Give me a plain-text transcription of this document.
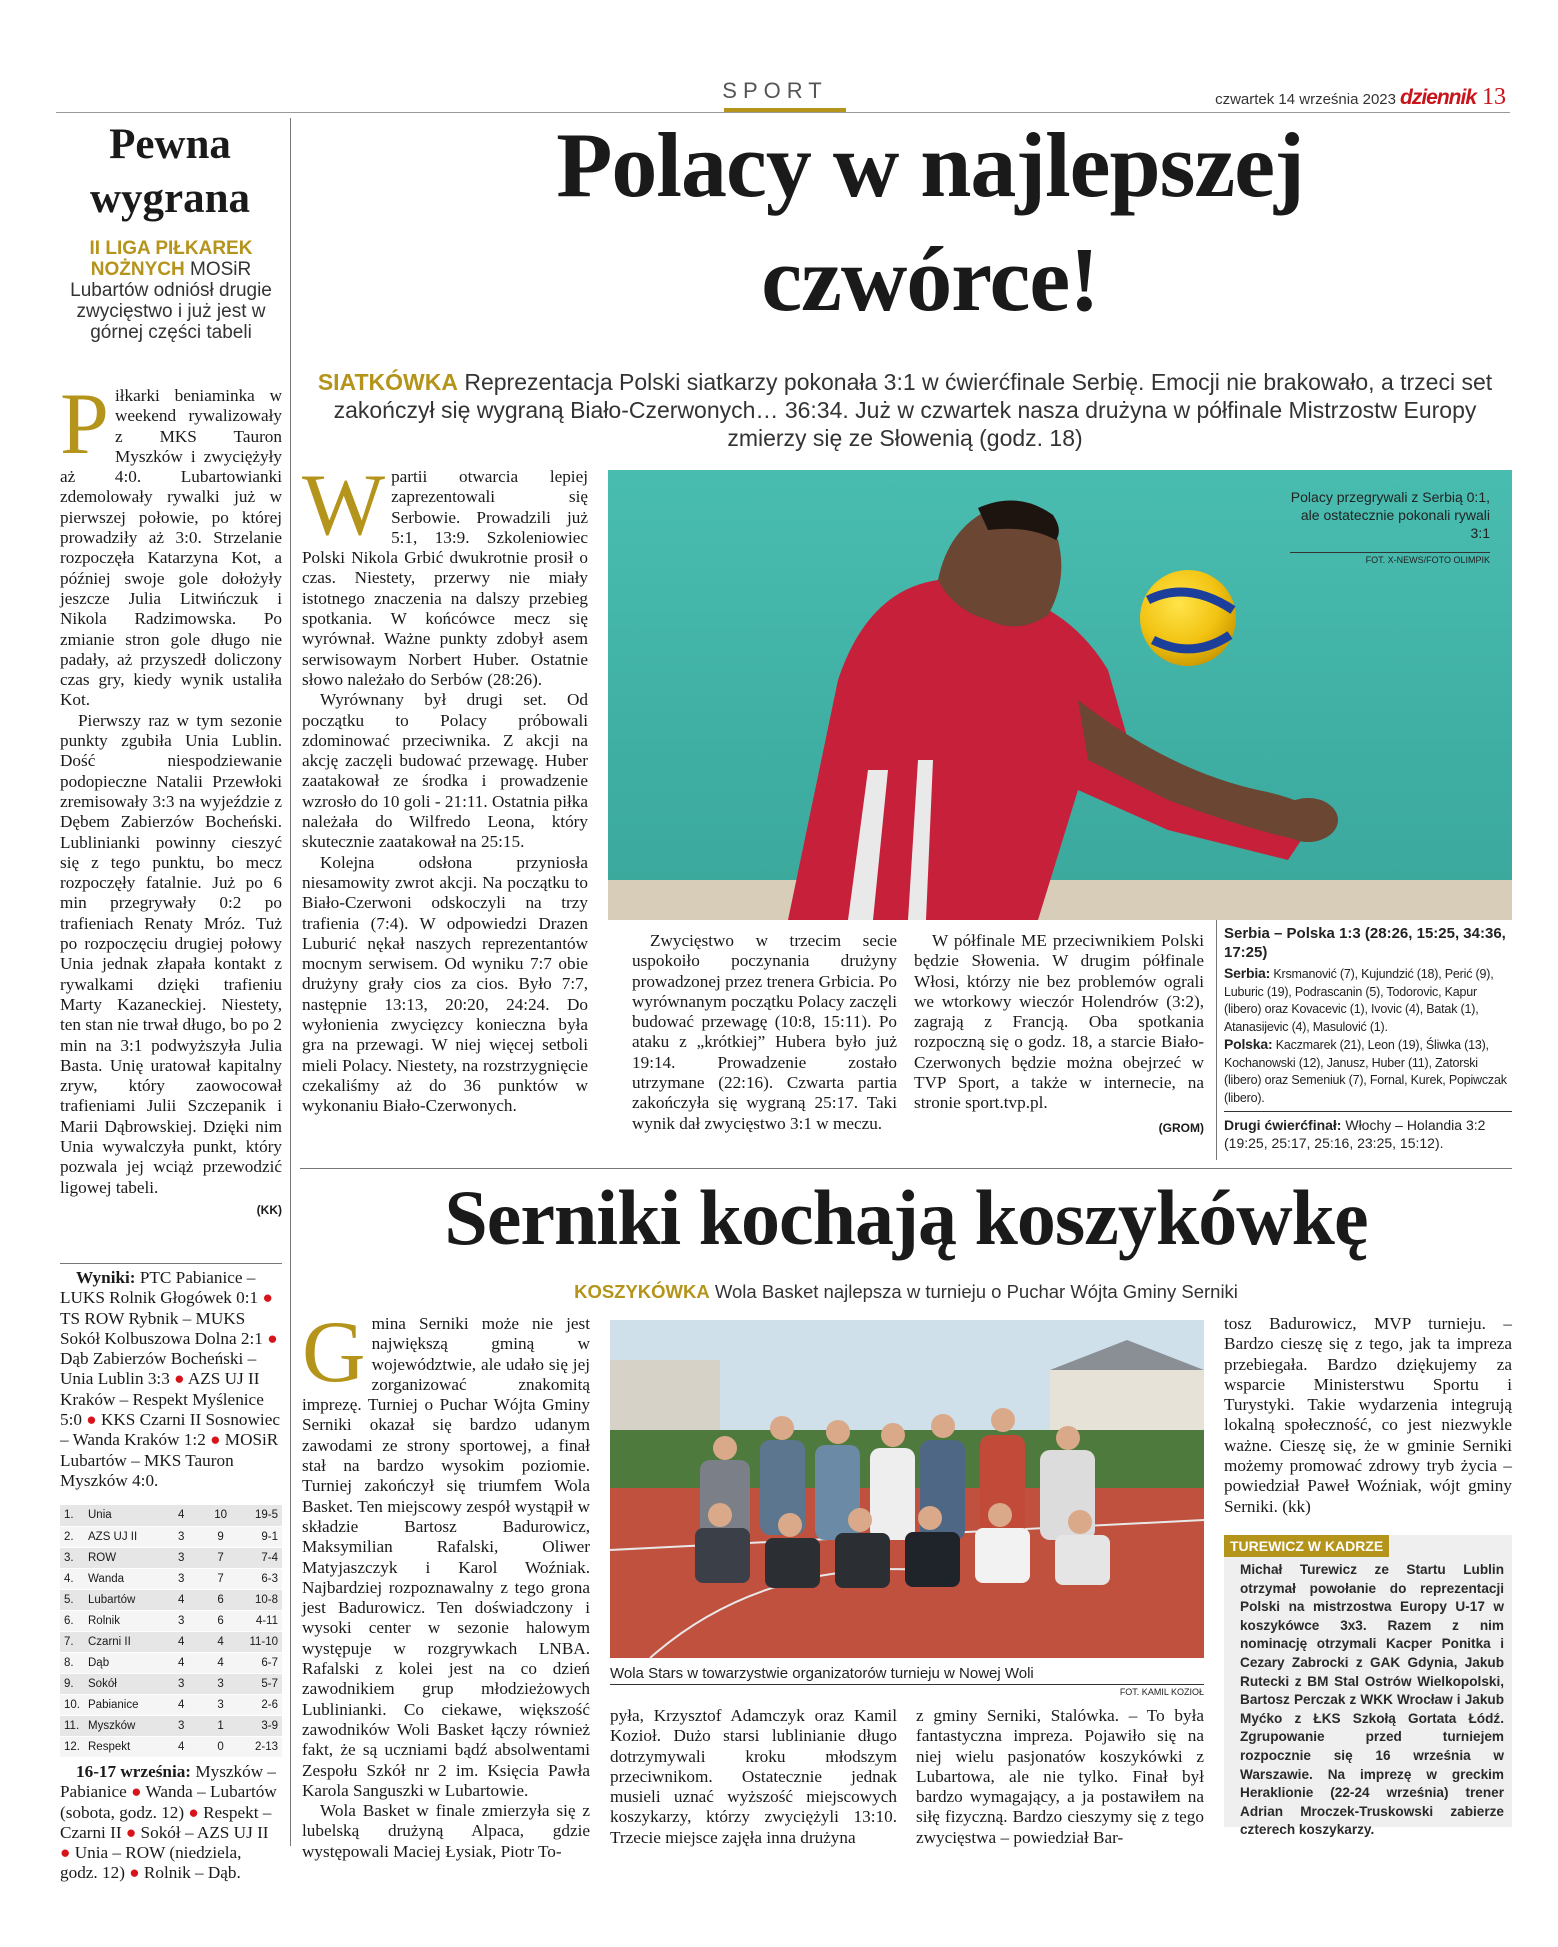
SPORT	czwartek 14 września 2023 dziennik 13
Pewna wygrana
II LIGA PIŁKAREK NOŻNYCH MOSiR Lubartów odniósł drugie zwycięstwo i już jest w górnej części tabeli
P iłkarki beniaminka w weekend rywalizowały z MKS Tauron Myszków i zwyciężyły aż 4:0. Lubartowianki zdemolowały rywalki już w pierwszej połowie, po której prowadziły aż 3:0. Strzelanie rozpoczęła Katarzyna Kot, a później swoje gole dołożyły jeszcze Julia Litwińczuk i Nikola Radzimowska. Po zmianie stron gole długo nie padały, aż przyszedł doliczony czas gry, kiedy wynik ustaliła Kot.

Pierwszy raz w tym sezonie punkty zgubiła Unia Lublin. Dość niespodziewanie podopieczne Natalii Przewłoki zremisowały 3:3 na wyjeździe z Dębem Zabierzów Bocheński. Lublinianki powinny cieszyć się z tego punktu, bo mecz rozpoczęły fatalnie. Już po 6 min przegrywały 0:2 po trafieniach Renaty Mróz. Tuż po rozpoczęciu drugiej połowy Unia jednak złapała kontakt z rywalkami dzięki trafieniu Marty Kazaneckiej. Niestety, ten stan nie trwał długo, bo po 2 min na 3:1 podwyższyła Julia Basta. Unię uratował kapitalny zryw, który zaowocował trafieniami Julii Szczepanik i Marii Dąbrowskiej. Dzięki nim Unia wywalczyła punkt, który pozwala jej wciąż przewodzić ligowej tabeli.

(KK)
Wyniki: PTC Pabianice – LUKS Rolnik Głogówek 0:1 ● TS ROW Rybnik – MUKS Sokół Kolbuszowa Dolna 2:1 ● Dąb Zabierzów Bocheński – Unia Lublin 3:3 ● AZS UJ II Kraków – Respekt Myślenice 5:0 ● KKS Czarni II Sosnowiec – Wanda Kraków 1:2 ● MOSiR Lubartów – MKS Tauron Myszków 4:0.
1.	Unia	4	10	19-5
2.	AZS UJ II	3	9	9-1
3.	ROW	3	7	7-4
4.	Wanda	3	7	6-3
5.	Lubartów	4	6	10-8
6.	Rolnik	3	6	4-11
7.	Czarni II	4	4	11-10
8.	Dąb	4	4	6-7
9.	Sokół	3	3	5-7
10.	Pabianice	4	3	2-6
11.	Myszków	3	1	3-9
12.	Respekt	4	0	2-13
16-17 września: Myszków – Pabianice ● Wanda – Lubartów (sobota, godz. 12) ● Respekt – Czarni II ● Sokół – AZS UJ II ● Unia – ROW (niedziela, godz. 12) ● Rolnik – Dąb.
Polacy w najlepszej czwórce!
SIATKÓWKA Reprezentacja Polski siatkarzy pokonała 3:1 w ćwierćfinale Serbię. Emocji nie brakowało, a trzeci set zakończył się wygraną Biało-Czerwonych… 36:34. Już w czwartek nasza drużyna w półfinale Mistrzostw Europy zmierzy się ze Słowenią (godz. 18)
W partii otwarcia lepiej zaprezentowali się Serbowie. Prowadzili już 5:1, 13:9. Szkoleniowiec Polski Nikola Grbić dwukrotnie prosił o czas. Niestety, przerwy nie miały istotnego znaczenia na dalszy przebieg spotkania. W końcówce mecz się wyrównał. Ważne punkty zdobył asem serwisowaym Norbert Huber. Ostatnie słowo należało do Serbów (28:26).

Wyrównany był drugi set. Od początku to Polacy próbowali zdominować przeciwnika. Z akcji na akcję zaczęli budować przewagę. Huber zaatakował ze środka i prowadzenie wzrosło do 10 goli - 21:11. Ostatnia piłka należała do Wilfredo Leona, który skutecznie zaatakował na 25:15.

Kolejna odsłona przyniosła niesamowity zwrot akcji. Na początku to Biało-Czerwoni odskoczyli na trzy trafienia (7:4). W odpowiedzi Drazen Luburić nękał naszych reprezentantów mocnym serwisem. Od wyniku 7:7 obie drużyny grały cios za cios. Było 7:7, następnie 13:13, 20:20, 24:24. Do wyłonienia zwycięzcy konieczna była gra na przewagi. W niej więcej setboli mieli Polacy. Niestety, na rozstrzygnięcie czekaliśmy aż do 36 punktów w wykonaniu Biało-Czerwonych.

Polacy przegrywali z Serbią 0:1, ale ostatecznie pokonali rywali 3:1
FOT. X-NEWS/FOTO OLIMPIK

Zwycięstwo w trzecim secie uspokoiło poczynania drużyny prowadzonej przez trenera Grbicia. Po wyrównanym początku Polacy zaczęli budować przewagę (10:8, 15:11). Po ataku z „krótkiej” Hubera było już 19:14. Prowadzenie zostało utrzymane (22:16). Czwarta partia zakończyła się wygraną 25:17. Taki wynik dał zwycięstwo 3:1 w meczu.

W półfinale ME przeciwnikiem Polski będzie Słowenia. W drugim półfinale Włosi, którzy nie bez problemów ograli we wtorkowy wieczór Holendrów (3:2), zagrają z Francją. Oba spotkania rozpoczną się o godz. 18, a starcie Biało-Czerwonych będzie można obejrzeć w TVP Sport, a także w internecie, na stronie sport.tvp.pl.

(GROM)
Serbia – Polska 1:3 (28:26, 15:25, 34:36, 17:25)
Serbia: Krsmanović (7), Kujundzić (18), Perić (9), Luburic (19), Podrascanin (5), Todorovic, Kapur (libero) oraz Kovacevic (1), Ivovic (4), Batak (1), Atanasijevic (4), Masulović (1).
Polska: Kaczmarek (21), Leon (19), Śliwka (13), Kochanowski (12), Janusz, Huber (11), Zatorski (libero) oraz Semeniuk (7), Fornal, Kurek, Popiwczak (libero).
Drugi ćwierćfinał: Włochy – Holandia 3:2 (19:25, 25:17, 25:16, 23:25, 15:12).
Serniki kochają koszykówkę
KOSZYKÓWKA Wola Basket najlepsza w turnieju o Puchar Wójta Gminy Serniki
G mina Serniki może nie jest największą gminą w województwie, ale udało się jej zorganizować znakomitą imprezę. Turniej o Puchar Wójta Gminy Serniki okazał się bardzo udanym zawodami ze strony sportowej, a finał stał na bardzo wysokim poziomie. Turniej zakończył się triumfem Wola Basket. Ten miejscowy zespół wystąpił w składzie Bartosz Badurowicz, Maksymilian Rafalski, Oliwer Matyjaszczyk i Karol Woźniak. Najbardziej rozpoznawalny z tego grona jest Badurowicz. Ten doświadczony i wysoki center w sezonie halowym występuje w rozgrywkach LNBA. Rafalski z kolei jest na co dzień zawodnikiem grup młodzieżowych Lublinianki. Co ciekawe, większość zawodników Woli Basket łączy również fakt, że są uczniami bądź absolwentami Zespołu Szkół nr 2 im. Księcia Pawła Karola Sanguszki w Lubartowie.

Wola Basket w finale zmierzyła się z lubelską drużyną Alpaca, gdzie występowali Maciej Łysiak, Piotr To-

Wola Stars w towarzystwie organizatorów turnieju w Nowej Woli
FOT. KAMIL KOZIOŁ

pyła, Krzysztof Adamczyk oraz Kamil Kozioł. Dużo starsi lublinianie długo dotrzymywali kroku młodszym przeciwnikom. Ostatecznie jednak musieli uznać wyższość miejscowych koszykarzy, którzy zwyciężyli 13:10. Trzecie miejsce zajęła inna drużyna

z gminy Serniki, Stalówka. – To była fantastyczna impreza. Pojawiło się na niej wielu pasjonatów koszykówki z Lubartowa, ale nie tylko. Finał był bardzo wymagający, a ja postawiłem na siłę fizyczną. Bardzo cieszymy się z tego zwycięstwa – powiedział Bar-

tosz Badurowicz, MVP turnieju. – Bardzo cieszę się z tego, jak ta impreza przebiegała. Bardzo dziękujemy za wsparcie Ministerstwu Sportu i Turystyki. Takie wydarzenia integrują lokalną społeczność, co jest niezwykle ważne. Cieszę się, że w gminie Serniki możemy promować zdrowy tryb życia – powiedział Paweł Woźniak, wójt gminy Serniki. (kk)

TUREWICZ W KADRZE
Michał Turewicz ze Startu Lublin otrzymał powołanie do reprezentacji Polski na mistrzostwa Europy U-17 w koszykówce 3x3. Razem z nim nominację otrzymali Kacper Ponitka i Cezary Zabrocki z GAK Gdynia, Jakub Rutecki z BM Stal Ostrów Wielkopolski, Bartosz Perczak z WKK Wrocław i Jakub Myćko z ŁKS Szkołą Gortata Łódź. Zgrupowanie przed turniejem rozpocznie się 16 września w Warszawie. Na imprezę w greckim Heraklionie (22-24 września) trener Adrian Mroczek-Truskowski zabierze czterech koszykarzy.
